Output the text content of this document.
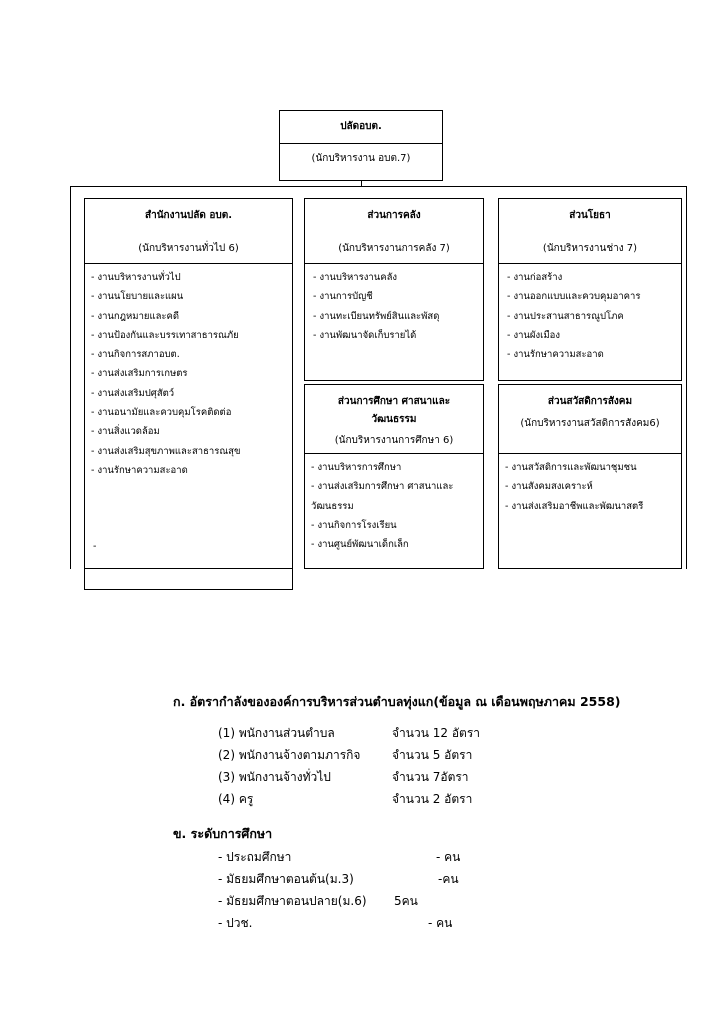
ปลัดอบต.
(นักบริหารงาน อบต.7)
สำนักงานปลัด อบต.
(นักบริหารงานทั่วไป 6)
- งานบริหารงานทั่วไป
- งานนโยบายและแผน
- งานกฎหมายและคดี
- งานป้องกันและบรรเทาสาธารณภัย
- งานกิจการสภาอบต.
- งานส่งเสริมการเกษตร
- งานส่งเสริมปศุสัตว์
- งานอนามัยและควบคุมโรคติดต่อ
- งานสิ่งแวดล้อม
- งานส่งเสริมสุขภาพและสาธารณสุข
- งานรักษาความสะอาด
-
ส่วนการคลัง
(นักบริหารงานการคลัง 7)
- งานบริหารงานคลัง
- งานการบัญชี
- งานทะเบียนทรัพย์สินและพัสดุ
- งานพัฒนาจัดเก็บรายได้
ส่วนโยธา
(นักบริหารงานช่าง 7)
- งานก่อสร้าง
- งานออกแบบและควบคุมอาคาร
- งานประสานสาธารณูปโภค
- งานผังเมือง
- งานรักษาความสะอาด
ส่วนการศึกษา ศาสนาและ
วัฒนธรรม
(นักบริหารงานการศึกษา 6)
- งานบริหารการศึกษา
- งานส่งเสริมการศึกษา ศาสนาและ
วัฒนธรรม
- งานกิจการโรงเรียน
- งานศูนย์พัฒนาเด็กเล็ก
ส่วนสวัสดิการสังคม
(นักบริหารงานสวัสดิการสังคม6)
- งานสวัสดิการและพัฒนาชุมชน
- งานสังคมสงเคราะห์
- งานส่งเสริมอาชีพและพัฒนาสตรี
ก. อัตรากำลังขององค์การบริหารส่วนตำบลทุ่งแก(ข้อมูล ณ เดือนพฤษภาคม 2558)
(1) พนักงานส่วนตำบล	จำนวน 12 อัตรา
(2) พนักงานจ้างตามภารกิจ	จำนวน 5 อัตรา
(3) พนักงานจ้างทั่วไป	จำนวน 7อัตรา
(4) ครู	จำนวน 2 อัตรา
ข. ระดับการศึกษา
- ประถมศึกษา	- คน
- มัธยมศึกษาตอนต้น(ม.3)	-คน
- มัธยมศึกษาตอนปลาย(ม.6) 5คน
- ปวช.	- คน
